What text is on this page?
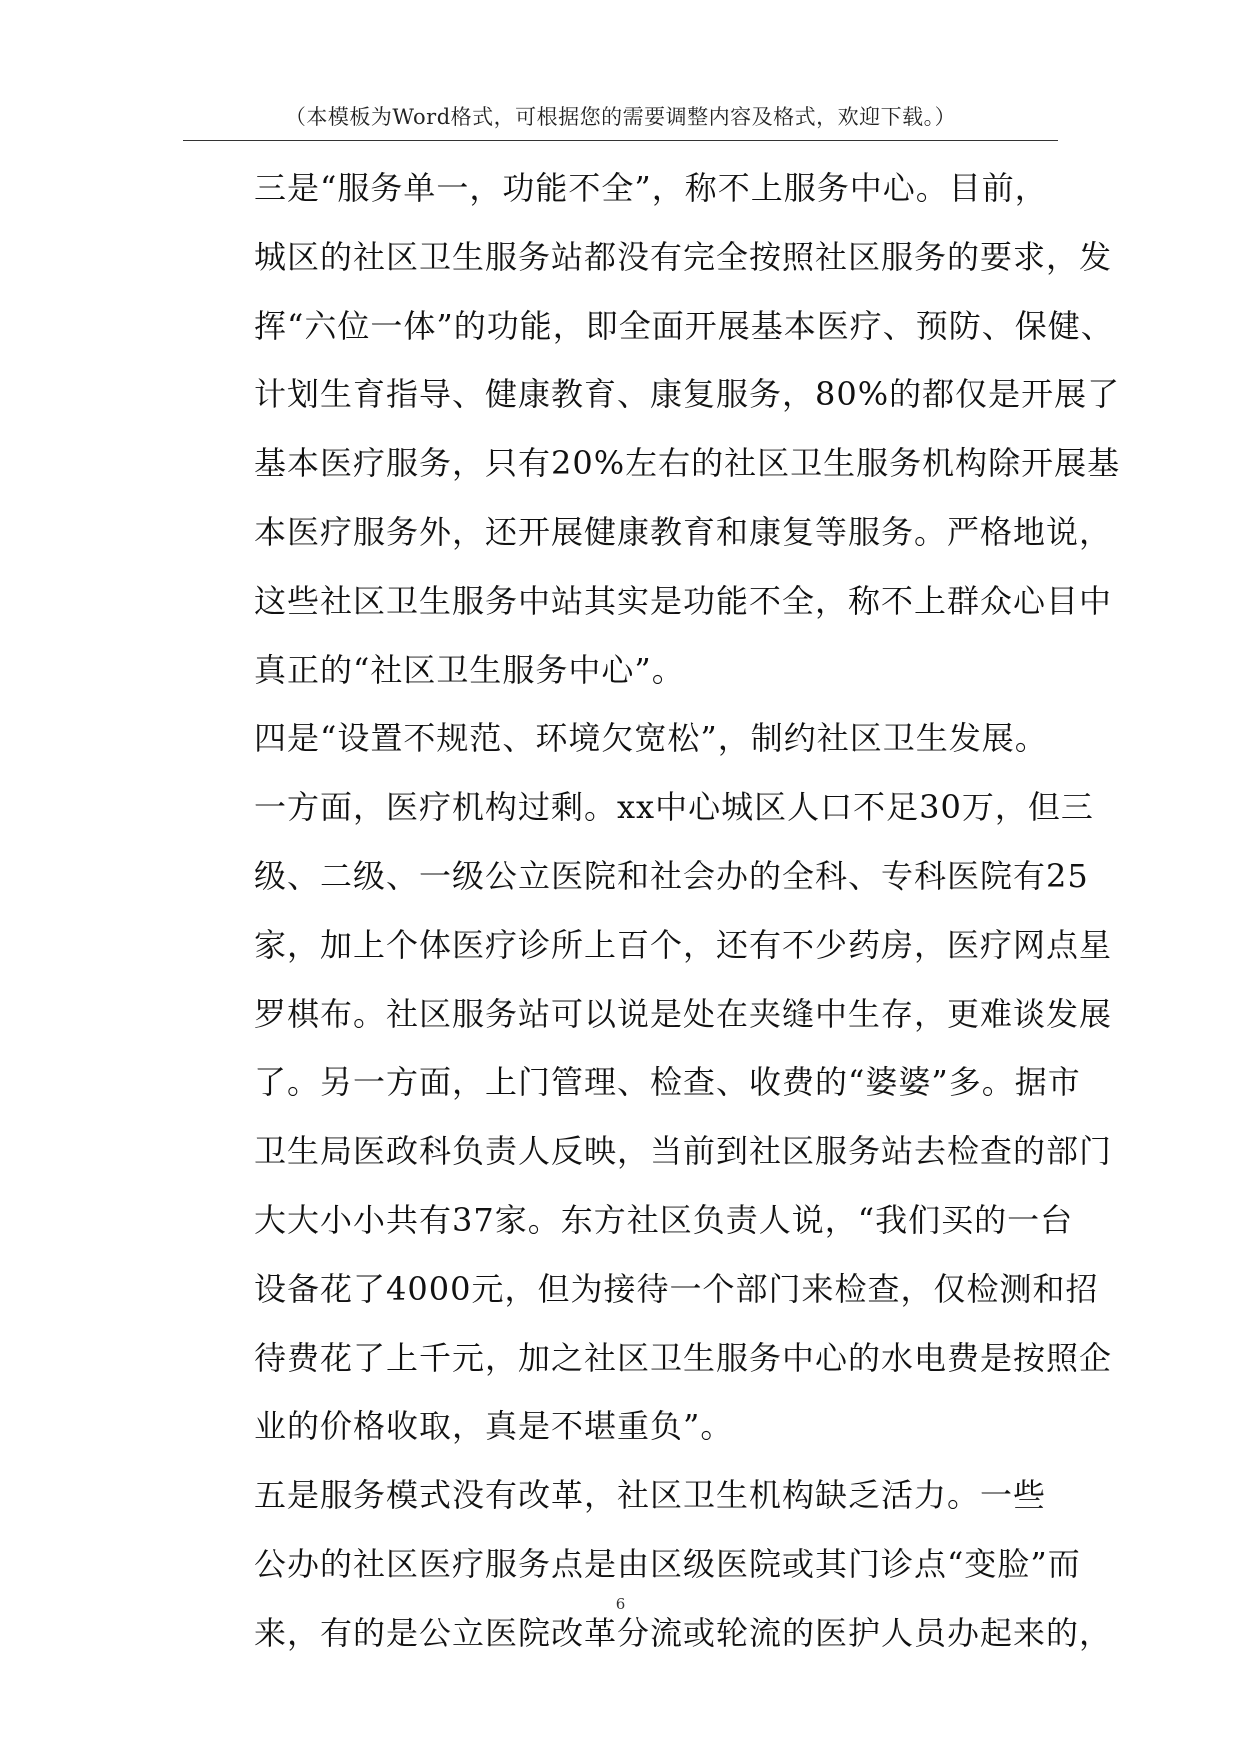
（本模板为Word格式，可根据您的需要调整内容及格式，欢迎下载。）
三是“服务单一，功能不全”，称不上服务中心。目前，
城区的社区卫生服务站都没有完全按照社区服务的要求，发
挥“六位一体”的功能，即全面开展基本医疗、预防、保健、
计划生育指导、健康教育、康复服务，80%的都仅是开展了
基本医疗服务，只有20%左右的社区卫生服务机构除开展基
本医疗服务外，还开展健康教育和康复等服务。严格地说，
这些社区卫生服务中站其实是功能不全，称不上群众心目中
真正的“社区卫生服务中心”。
四是“设置不规范、环境欠宽松”，制约社区卫生发展。
一方面，医疗机构过剩。xx中心城区人口不足30万，但三
级、二级、一级公立医院和社会办的全科、专科医院有25
家，加上个体医疗诊所上百个，还有不少药房，医疗网点星
罗棋布。社区服务站可以说是处在夹缝中生存，更难谈发展
了。另一方面，上门管理、检查、收费的“婆婆”多。据市
卫生局医政科负责人反映，当前到社区服务站去检查的部门
大大小小共有37家。东方社区负责人说，“我们买的一台
设备花了4000元，但为接待一个部门来检查，仅检测和招
待费花了上千元，加之社区卫生服务中心的水电费是按照企
业的价格收取，真是不堪重负”。
五是服务模式没有改革，社区卫生机构缺乏活力。一些
公办的社区医疗服务点是由区级医院或其门诊点“变脸”而
来，有的是公立医院改革分流或轮流的医护人员办起来的，
6
